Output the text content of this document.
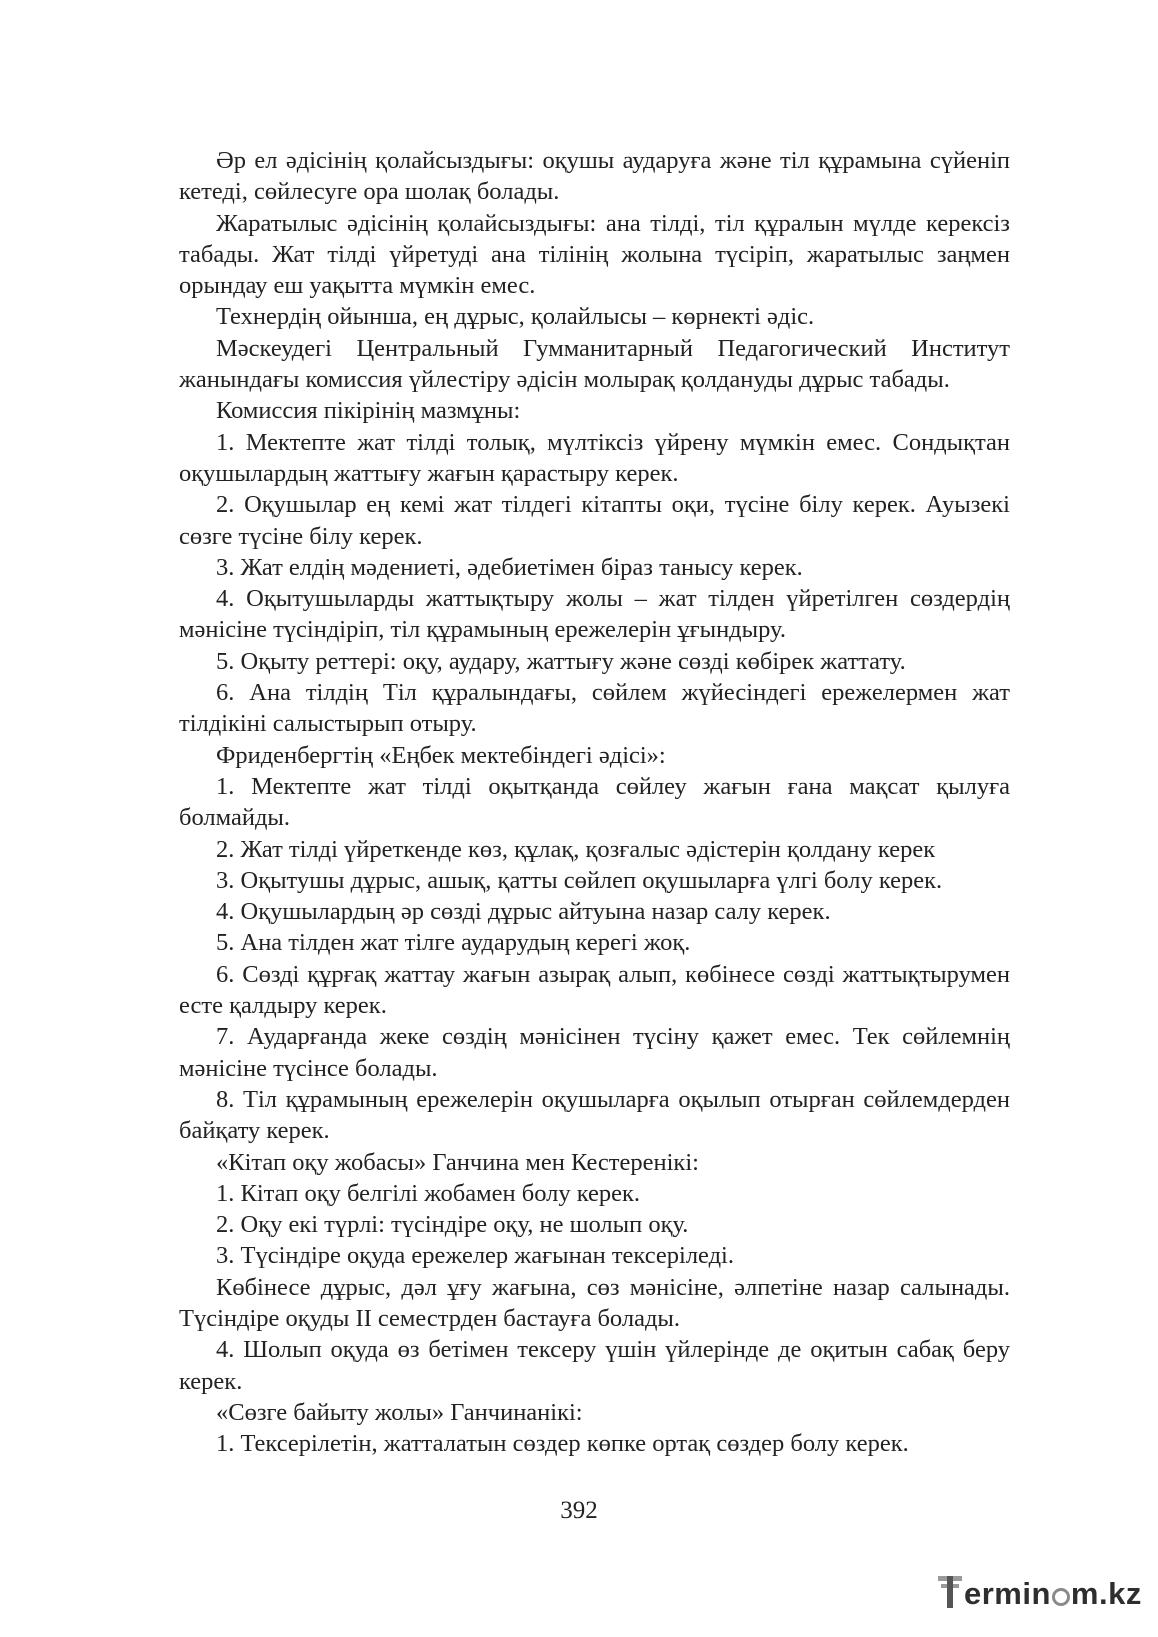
Әр ел әдісінің қолайсыздығы: оқушы аударуға және тіл құрамына сүйеніп кетеді, сөйлесуге ора шолақ болады.

Жаратылыс әдісінің қолайсыздығы: ана тілді, тіл құралын мүлде керексіз табады. Жат тілді үйретуді ана тілінің жолына түсіріп, жаратылыс заңмен орындау еш уақытта мүмкін емес.

Технердің ойынша, ең дұрыс, қолайлысы – көрнекті әдіс.

Мәскеудегі Центральный Гумманитарный Педагогический Институт жанындағы комиссия үйлестіру әдісін молырақ қолдануды дұрыс табады.

Комиссия пікірінің мазмұны:

1. Мектепте жат тілді толық, мүлтіксіз үйрену мүмкін емес. Сондықтан оқушылардың жаттығу жағын қарастыру керек.

2. Оқушылар ең кемі жат тілдегі кітапты оқи, түсіне білу керек. Ауызекі сөзге түсіне білу керек.

3. Жат елдің мәдениеті, әдебиетімен біраз танысу керек.

4. Оқытушыларды жаттықтыру жолы – жат тілден үйретілген сөздердің мәнісіне түсіндіріп, тіл құрамының ережелерін ұғындыру.

5. Оқыту реттері: оқу, аудару, жаттығу және сөзді көбірек жаттату.

6. Ана тілдің Тіл құралындағы, сөйлем жүйесіндегі ережелермен жат тілдікіні салыстырып отыру.

Фриденбергтің «Еңбек мектебіндегі әдісі»:

1. Мектепте жат тілді оқытқанда сөйлеу жағын ғана мақсат қылуға болмайды.

2. Жат тілді үйреткенде көз, құлақ, қозғалыс әдістерін қолдану керек

3. Оқытушы дұрыс, ашық, қатты сөйлеп оқушыларға үлгі болу керек.

4. Оқушылардың әр сөзді дұрыс айтуына назар салу керек.

5. Ана тілден жат тілге аударудың керегі жоқ.

6. Сөзді құрғақ жаттау жағын азырақ алып, көбінесе сөзді жаттықтырумен есте қалдыру керек.

7. Аударғанда жеке сөздің мәнісінен түсіну қажет емес. Тек сөйлемнің мәнісіне түсінсе болады.

8. Тіл құрамының ережелерін оқушыларға оқылып отырған сөйлемдерден байқату керек.

«Кітап оқу жобасы» Ганчина мен Кестеренікі:

1. Кітап оқу белгілі жобамен болу керек.

2. Оқу екі түрлі: түсіндіре оқу, не шолып оқу.

3. Түсіндіре оқуда ережелер жағынан тексеріледі.

Көбінесе дұрыс, дәл ұғу жағына, сөз мәнісіне, әлпетіне назар салынады. Түсіндіре оқуды II семестрден бастауға болады.

4. Шолып оқуда өз бетімен тексеру үшін үйлерінде де оқитын сабақ беру керек.

«Сөзге байыту жолы» Ганчинанікі:

1. Тексерілетін, жатталатын сөздер көпке ортақ сөздер болу керек.

392
ermin m.kz
